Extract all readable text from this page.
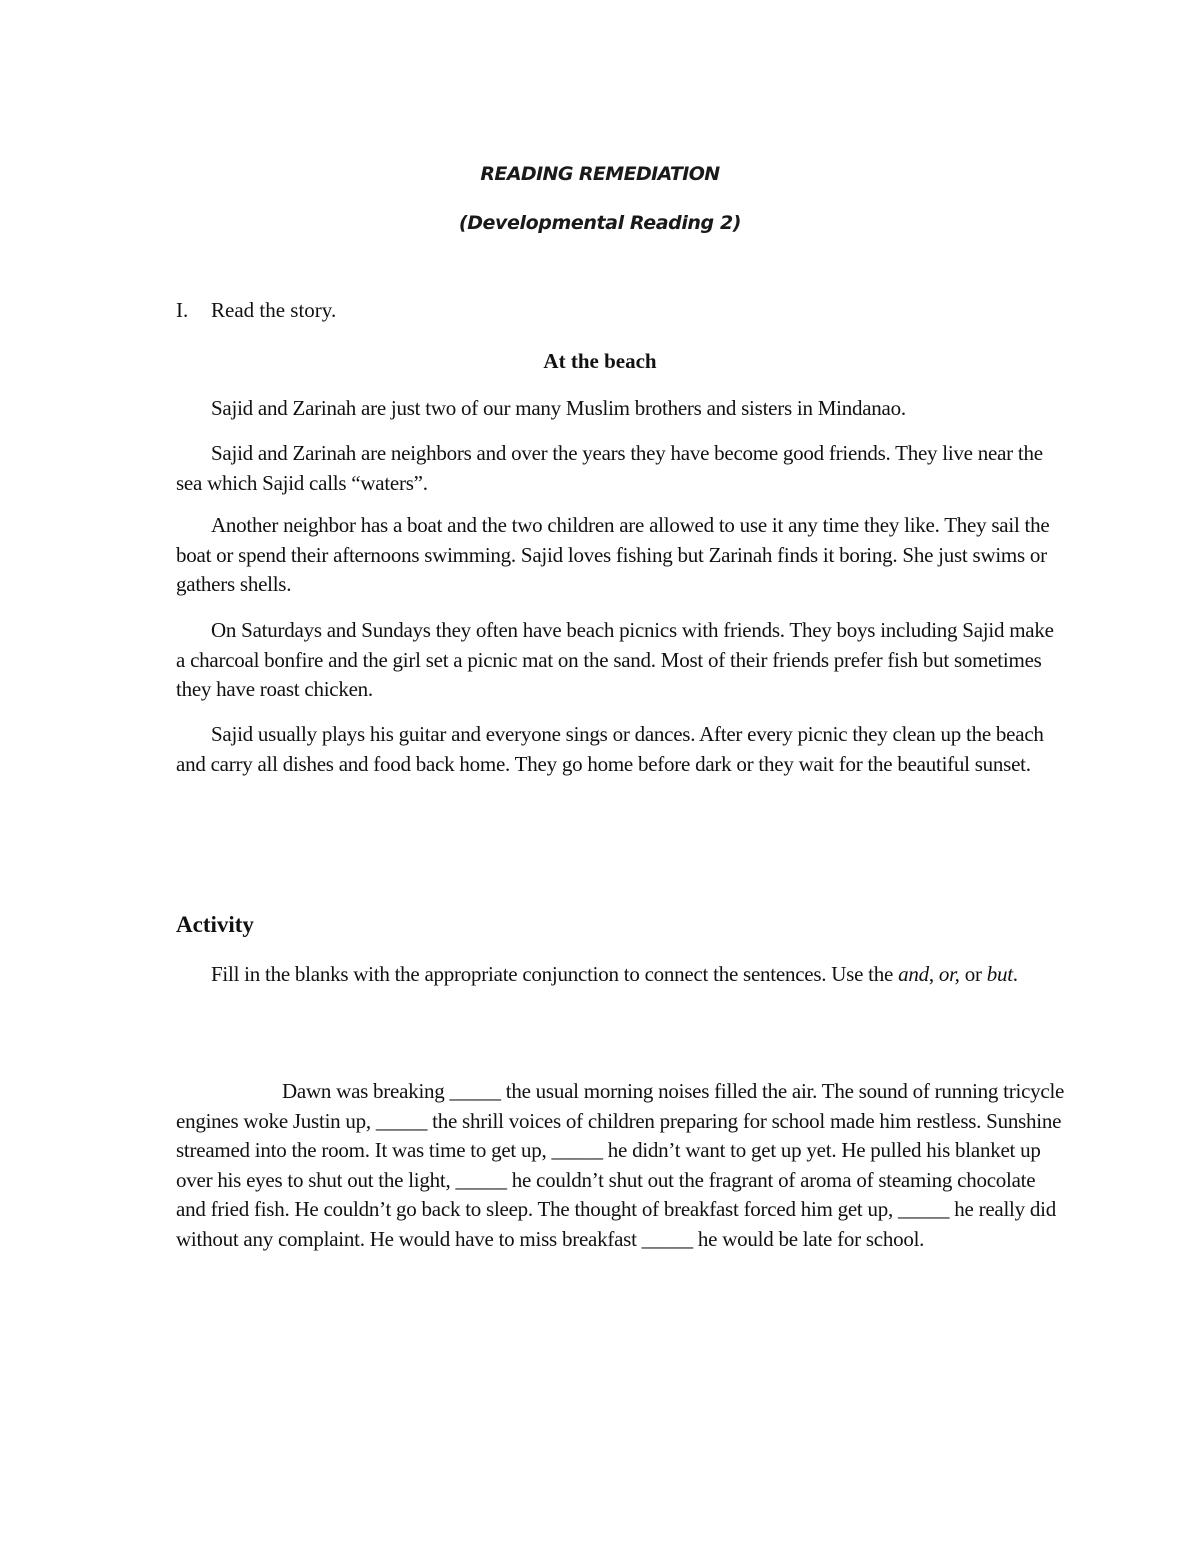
READING REMEDIATION
(Developmental Reading 2)
I. Read the story.
At the beach

Sajid and Zarinah are just two of our many Muslim brothers and sisters in Mindanao.

Sajid and Zarinah are neighbors and over the years they have become good friends. They live near the sea which Sajid calls “waters”.

Another neighbor has a boat and the two children are allowed to use it any time they like. They sail the boat or spend their afternoons swimming. Sajid loves fishing but Zarinah finds it boring. She just swims or gathers shells.

On Saturdays and Sundays they often have beach picnics with friends. They boys including Sajid make a charcoal bonfire and the girl set a picnic mat on the sand. Most of their friends prefer fish but sometimes they have roast chicken.

Sajid usually plays his guitar and everyone sings or dances. After every picnic they clean up the beach and carry all dishes and food back home. They go home before dark or they wait for the beautiful sunset.

Activity

Fill in the blanks with the appropriate conjunction to connect the sentences. Use the and, or, or but.

Dawn was breaking _____ the usual morning noises filled the air. The sound of running tricycle engines woke Justin up, _____ the shrill voices of children preparing for school made him restless. Sunshine streamed into the room. It was time to get up, _____ he didn’t want to get up yet. He pulled his blanket up over his eyes to shut out the light, _____ he couldn’t shut out the fragrant of aroma of steaming chocolate and fried fish. He couldn’t go back to sleep. The thought of breakfast forced him get up, _____ he really did without any complaint. He would have to miss breakfast _____ he would be late for school.
